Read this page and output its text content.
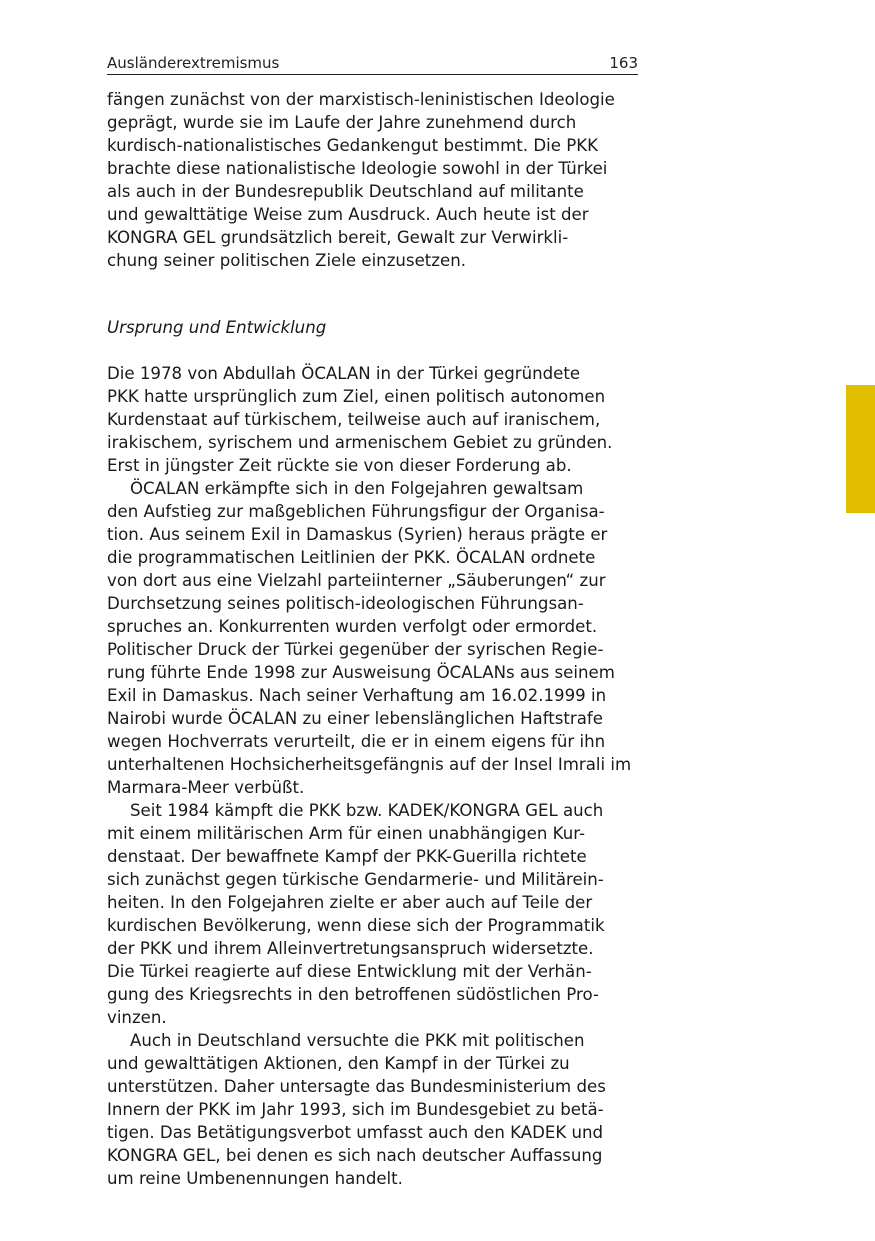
Ausländerextremismus	163
fängen zunächst von der marxistisch-leninistischen Ideologie
geprägt, wurde sie im Laufe der Jahre zunehmend durch
kurdisch-nationalistisches Gedankengut bestimmt. Die PKK
brachte diese nationalistische Ideologie sowohl in der Türkei
als auch in der Bundesrepublik Deutschland auf militante
und gewalttätige Weise zum Ausdruck. Auch heute ist der
KONGRA GEL grundsätzlich bereit, Gewalt zur Verwirkli-
chung seiner politischen Ziele einzusetzen.
Ursprung und Entwicklung
Die 1978 von Abdullah ÖCALAN in der Türkei gegründete
PKK hatte ursprünglich zum Ziel, einen politisch autonomen
Kurdenstaat auf türkischem, teilweise auch auf iranischem,
irakischem, syrischem und armenischem Gebiet zu gründen.
Erst in jüngster Zeit rückte sie von dieser Forderung ab.
ÖCALAN erkämpfte sich in den Folgejahren gewaltsam
den Aufstieg zur maßgeblichen Führungsfigur der Organisa-
tion. Aus seinem Exil in Damaskus (Syrien) heraus prägte er
die programmatischen Leitlinien der PKK. ÖCALAN ordnete
von dort aus eine Vielzahl parteiinterner „Säuberungen“ zur
Durchsetzung seines politisch-ideologischen Führungsan-
spruches an. Konkurrenten wurden verfolgt oder ermordet.
Politischer Druck der Türkei gegenüber der syrischen Regie-
rung führte Ende 1998 zur Ausweisung ÖCALANs aus seinem
Exil in Damaskus. Nach seiner Verhaftung am 16.02.1999 in
Nairobi wurde ÖCALAN zu einer lebenslänglichen Haftstrafe
wegen Hochverrats verurteilt, die er in einem eigens für ihn
unterhaltenen Hochsicherheitsgefängnis auf der Insel Imrali im
Marmara-Meer verbüßt.
Seit 1984 kämpft die PKK bzw. KADEK/KONGRA GEL auch
mit einem militärischen Arm für einen unabhängigen Kur-
denstaat. Der bewaffnete Kampf der PKK-Guerilla richtete
sich zunächst gegen türkische Gendarmerie- und Militärein-
heiten. In den Folgejahren zielte er aber auch auf Teile der
kurdischen Bevölkerung, wenn diese sich der Programmatik
der PKK und ihrem Alleinvertretungsanspruch widersetzte.
Die Türkei reagierte auf diese Entwicklung mit der Verhän-
gung des Kriegsrechts in den betroffenen südöstlichen Pro-
vinzen.
Auch in Deutschland versuchte die PKK mit politischen
und gewalttätigen Aktionen, den Kampf in der Türkei zu
unterstützen. Daher untersagte das Bundesministerium des
Innern der PKK im Jahr 1993, sich im Bundesgebiet zu betä-
tigen. Das Betätigungsverbot umfasst auch den KADEK und
KONGRA GEL, bei denen es sich nach deutscher Auffassung
um reine Umbenennungen handelt.
